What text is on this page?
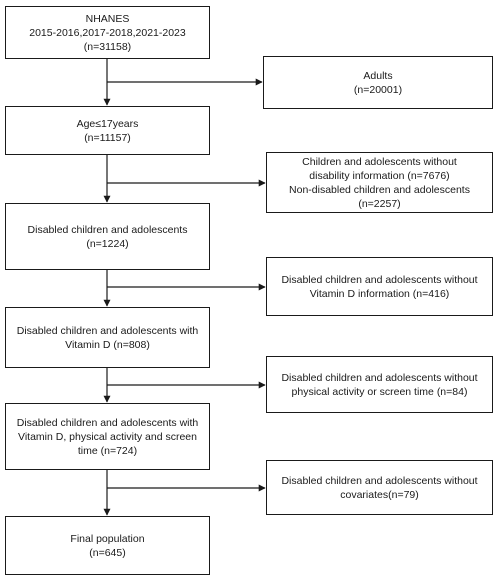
NHANES
2015-2016,2017-2018,2021-2023
(n=31158)
Age≤17years
(n=11157)
Disabled children and adolescents
(n=1224)
Disabled children and adolescents with
Vitamin D (n=808)
Disabled children and adolescents with
Vitamin D, physical activity and screen
time (n=724)
Final population
(n=645)
Adults
(n=20001)
Children and adolescents without
disability information (n=7676)
Non-disabled children and adolescents
(n=2257)
Disabled children and adolescents without
Vitamin D information (n=416)
Disabled children and adolescents without
physical activity or screen time (n=84)
Disabled children and adolescents without
covariates(n=79)
